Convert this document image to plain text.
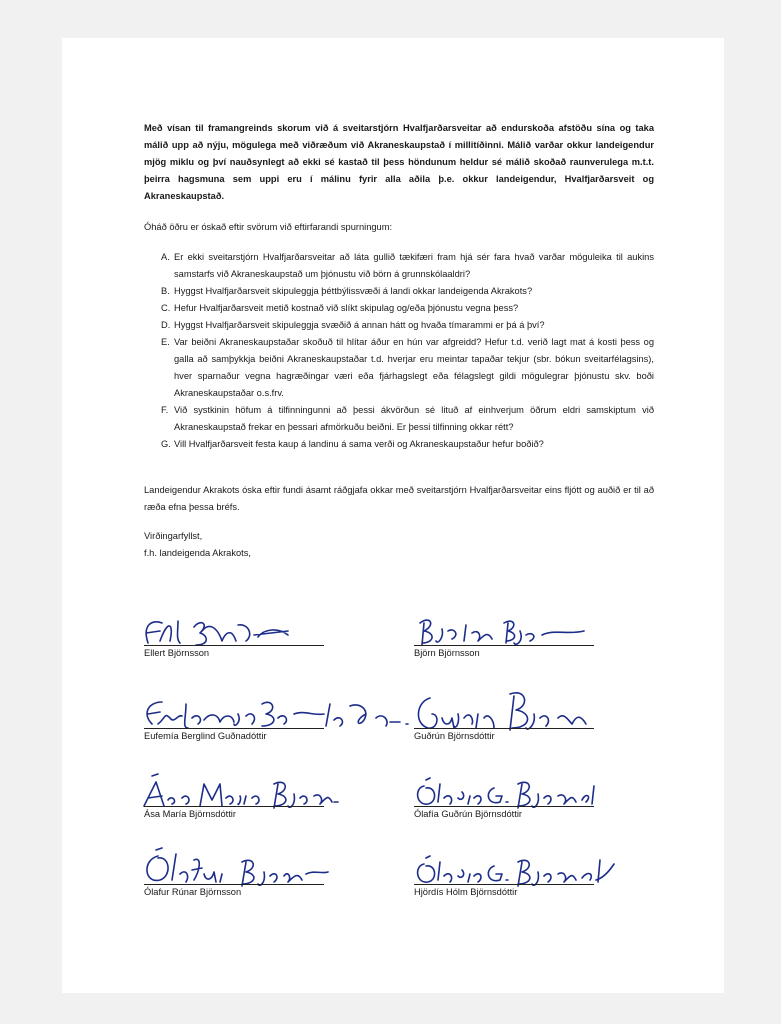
Með vísan til framangreinds skorum við á sveitarstjórn Hvalfjarðarsveitar að endurskoða afstöðu sína og taka málið upp að nýju, mögulega með viðræðum við Akraneskaupstað í millitíðinni. Málið varðar okkur landeigendur mjög miklu og því nauðsynlegt að ekki sé kastað til þess höndunum heldur sé málið skoðað raunverulega m.t.t. þeirra hagsmuna sem uppi eru í málinu fyrir alla aðila þ.e. okkur landeigendur, Hvalfjarðarsveit og Akraneskaupstað.

Óháð öðru er óskað eftir svörum við eftirfarandi spurningum:

A. Er ekki sveitarstjórn Hvalfjarðarsveitar að láta gullið tækifæri fram hjá sér fara hvað varðar möguleika til aukins samstarfs við Akraneskaupstað um þjónustu við börn á grunnskólaaldri?
B. Hyggst Hvalfjarðarsveit skipuleggja þéttbýlissvæði á landi okkar landeigenda Akrakots?
C. Hefur Hvalfjarðarsveit metið kostnað við slíkt skipulag og/eða þjónustu vegna þess?
D. Hyggst Hvalfjarðarsveit skipuleggja svæðið á annan hátt og hvaða tímarammi er þá á því?
E. Var beiðni Akraneskaupstaðar skoðuð til hlítar áður en hún var afgreidd? Hefur t.d. verið lagt mat á kosti þess og galla að samþykkja beiðni Akraneskaupstaðar t.d. hverjar eru meintar tapaðar tekjur (sbr. bókun sveitarfélagsins), hver sparnaður vegna hagræðingar væri eða fjárhagslegt eða félagslegt gildi mögulegrar þjónustu skv. boði Akraneskaupstaðar o.s.frv.
F. Við systkinin höfum á tilfinningunni að þessi ákvörðun sé lituð af einhverjum öðrum eldri samskiptum við Akraneskaupstað frekar en þessari afmörkuðu beiðni. Er þessi tilfinning okkar rétt?
G. Vill Hvalfjarðarsveit festa kaup á landinu á sama verði og Akraneskaupstaður hefur boðið?

Landeigendur Akrakots óska eftir fundi ásamt ráðgjafa okkar með sveitarstjórn Hvalfjarðarsveitar eins fljótt og auðið er til að ræða efna þessa bréfs.

Virðingarfyllst,

f.h. landeigenda Akrakots,

Ellert Björnsson	Björn Björnsson
Eufemía Berglind Guðnadóttir	Guðrún Björnsdóttir
Ása María Björnsdóttir	Ólafía Guðrún Björnsdóttir
Ólafur Rúnar Björnsson	Hjördís Hólm Björnsdóttir
